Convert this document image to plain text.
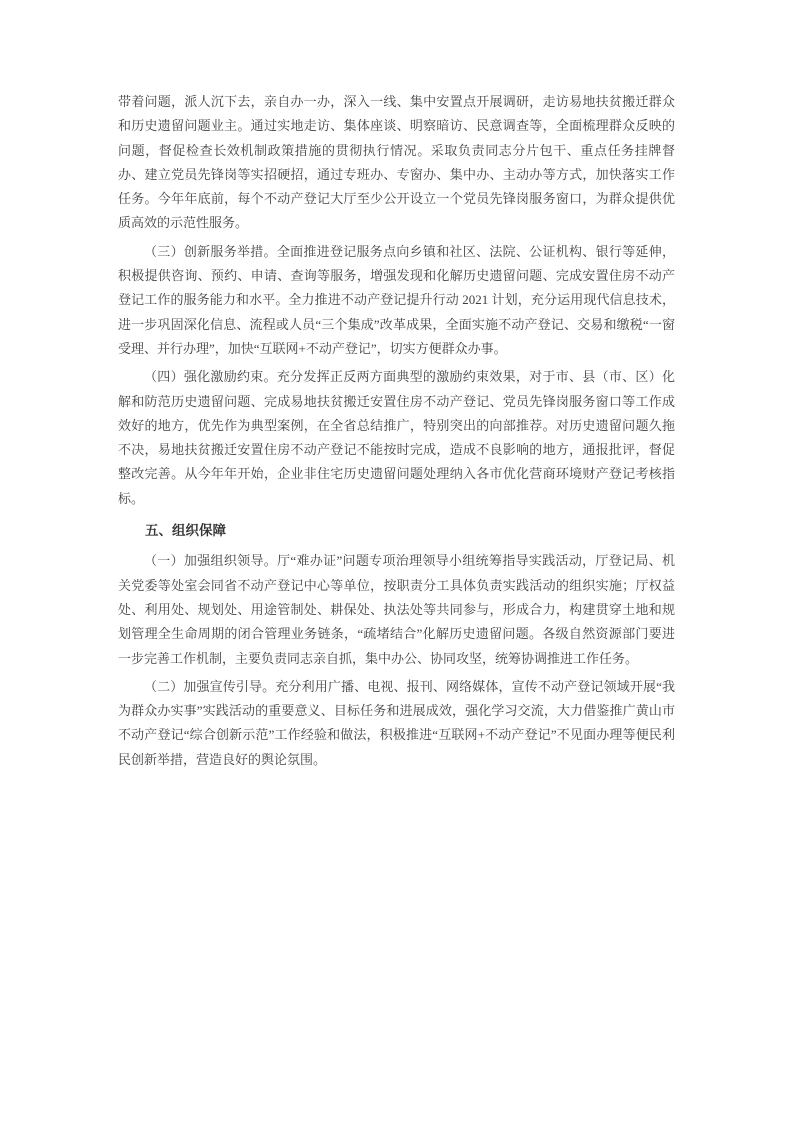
带着问题，派人沉下去，亲自办一办，深入一线、集中安置点开展调研，走访易地扶贫搬迁群众和历史遗留问题业主。通过实地走访、集体座谈、明察暗访、民意调查等，全面梳理群众反映的问题，督促检查长效机制政策措施的贯彻执行情况。采取负责同志分片包干、重点任务挂牌督办、建立党员先锋岗等实招硬招，通过专班办、专窗办、集中办、主动办等方式，加快落实工作任务。今年年底前，每个不动产登记大厅至少公开设立一个党员先锋岗服务窗口，为群众提供优质高效的示范性服务。

（三）创新服务举措。全面推进登记服务点向乡镇和社区、法院、公证机构、银行等延伸，积极提供咨询、预约、申请、查询等服务，增强发现和化解历史遗留问题、完成安置住房不动产登记工作的服务能力和水平。全力推进不动产登记提升行动 2021 计划，充分运用现代信息技术，进一步巩固深化信息、流程或人员“三个集成”改革成果，全面实施不动产登记、交易和缴税“一窗受理、并行办理”，加快“互联网+不动产登记”，切实方便群众办事。

（四）强化激励约束。充分发挥正反两方面典型的激励约束效果，对于市、县（市、区）化解和防范历史遗留问题、完成易地扶贫搬迁安置住房不动产登记、党员先锋岗服务窗口等工作成效好的地方，优先作为典型案例，在全省总结推广，特别突出的向部推荐。对历史遗留问题久拖不决，易地扶贫搬迁安置住房不动产登记不能按时完成，造成不良影响的地方，通报批评，督促整改完善。从今年年开始，企业非住宅历史遗留问题处理纳入各市优化营商环境财产登记考核指标。

五、组织保障

（一）加强组织领导。厅“难办证”问题专项治理领导小组统筹指导实践活动，厅登记局、机关党委等处室会同省不动产登记中心等单位，按职责分工具体负责实践活动的组织实施；厅权益处、利用处、规划处、用途管制处、耕保处、执法处等共同参与，形成合力，构建贯穿土地和规划管理全生命周期的闭合管理业务链条，“疏堵结合”化解历史遗留问题。各级自然资源部门要进一步完善工作机制，主要负责同志亲自抓，集中办公、协同攻坚，统筹协调推进工作任务。

（二）加强宣传引导。充分利用广播、电视、报刊、网络媒体，宣传不动产登记领域开展“我为群众办实事”实践活动的重要意义、目标任务和进展成效，强化学习交流，大力借鉴推广黄山市不动产登记“综合创新示范”工作经验和做法，积极推进“互联网+不动产登记”不见面办理等便民利民创新举措，营造良好的舆论氛围。
